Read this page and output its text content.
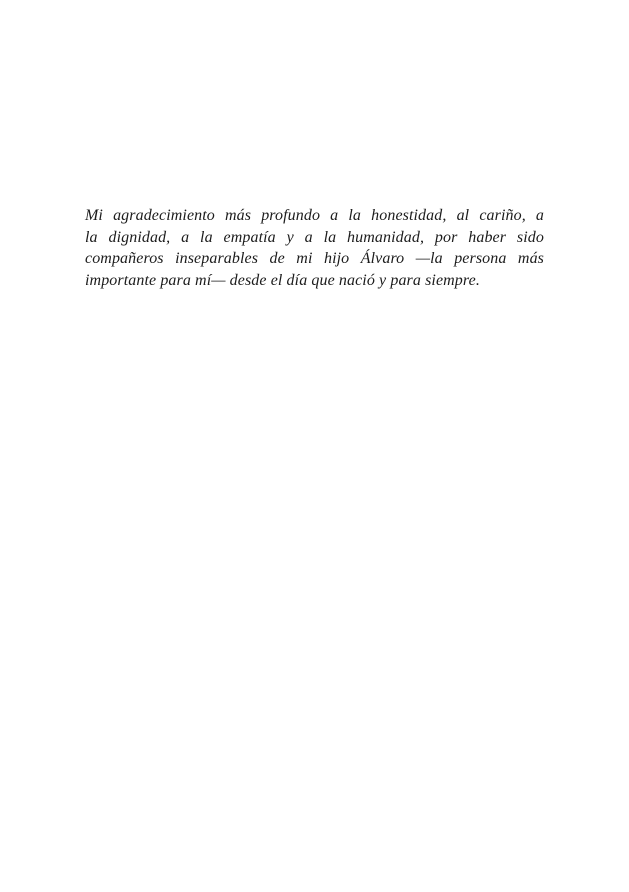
Mi agradecimiento más profundo a la honestidad, al cariño, a
la dignidad, a la empatía y a la humanidad, por haber sido
compañeros inseparables de mi hijo Álvaro —la persona más
importante para mí— desde el día que nació y para siempre.
